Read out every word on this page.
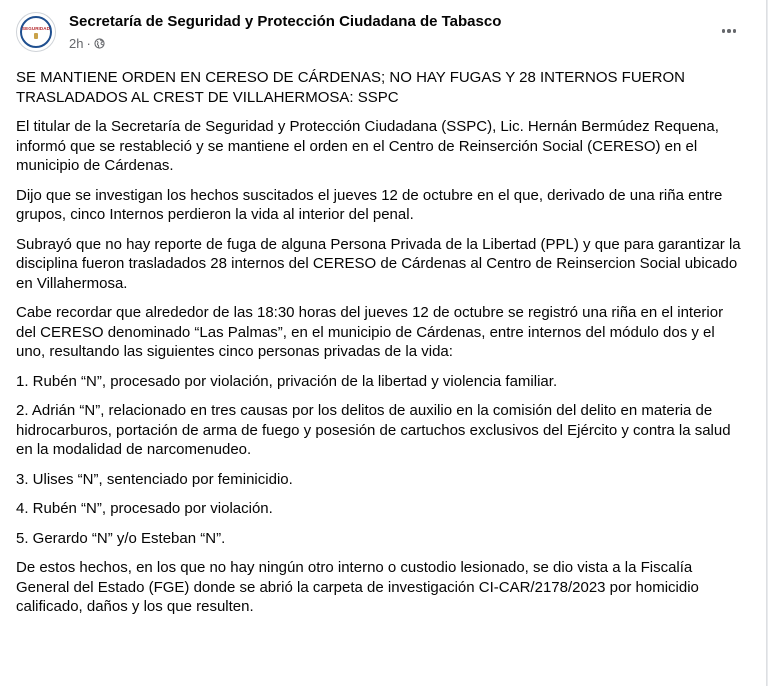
SEGURIDAD Secretaría de Seguridad y Protección Ciudadana de Tabasco
2h ·

SE MANTIENE ORDEN EN CERESO DE CÁRDENAS; NO HAY FUGAS Y 28 INTERNOS FUERON TRASLADADOS AL CREST DE VILLAHERMOSA: SSPC

El titular de la Secretaría de Seguridad y Protección Ciudadana (SSPC), Lic. Hernán Bermúdez Requena, informó que se restableció y se mantiene el orden en el Centro de Reinserción Social (CERESO) en el municipio de Cárdenas.

Dijo que se investigan los hechos suscitados el jueves 12 de octubre en el que, derivado de una riña entre grupos, cinco Internos perdieron la vida al interior del penal.

Subrayó que no hay reporte de fuga de alguna Persona Privada de la Libertad (PPL) y que para garantizar la disciplina fueron trasladados 28 internos del CERESO de Cárdenas al Centro de Reinsercion Social ubicado en Villahermosa.

Cabe recordar que alrededor de las 18:30 horas del jueves 12 de octubre se registró una riña en el interior del CERESO denominado “Las Palmas”, en el municipio de Cárdenas, entre internos del módulo dos y el uno, resultando las siguientes cinco personas privadas de la vida:

1. Rubén “N”, procesado por violación, privación de la libertad y violencia familiar.

2. Adrián “N”, relacionado en tres causas por los delitos de auxilio en la comisión del delito en materia de hidrocarburos, portación de arma de fuego y posesión de cartuchos exclusivos del Ejército y contra la salud en la modalidad de narcomenudeo.

3. Ulises “N”, sentenciado por feminicidio.

4. Rubén “N”, procesado por violación.

5. Gerardo “N” y/o Esteban “N”.

De estos hechos, en los que no hay ningún otro interno o custodio lesionado, se dio vista a la Fiscalía General del Estado (FGE) donde se abrió la carpeta de investigación CI-CAR/2178/2023 por homicidio calificado, daños y los que resulten.
